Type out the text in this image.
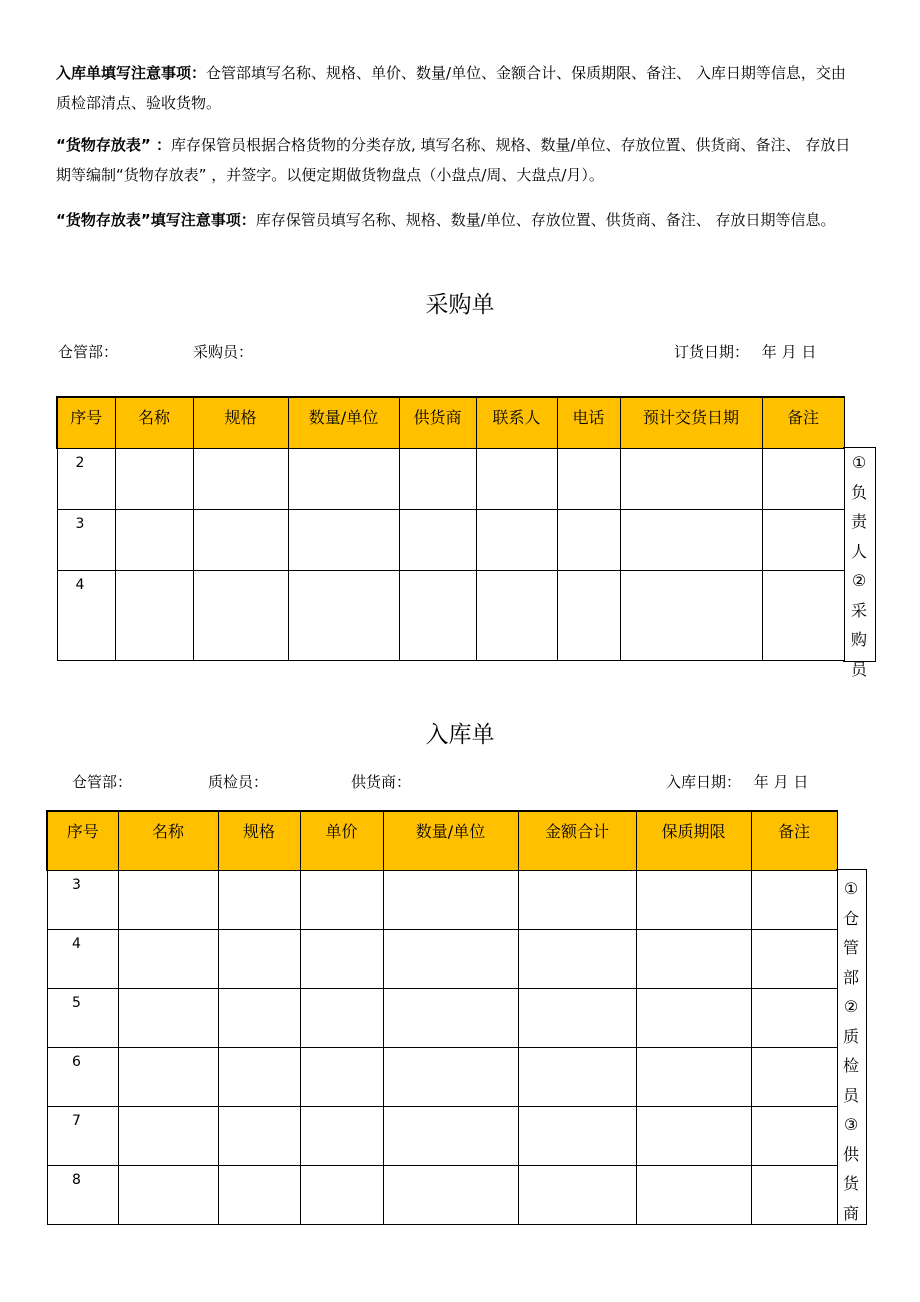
入库单填写注意事项：仓管部填写名称、规格、单价、数量/单位、金额合计、保质期限、备注、 入库日期等信息，交由质检部清点、验收货物。
“货物存放表” ：库存保管员根据合格货物的分类存放, 填写名称、规格、数量/单位、存放位置、供货商、备注、 存放日期等编制“货物存放表” ，并签字。以便定期做货物盘点（小盘点/周、大盘点/月）。
“货物存放表”填写注意事项：库存保管员填写名称、规格、数量/单位、存放位置、供货商、备注、 存放日期等信息。
采购单
仓管部：	采购员：	订货日期： 年 月 日
序号	名称	规格	数量/单位	供货商	联系人	电话	预计交货日期	备注
2								
3								
4								
①
负
责
人
②
采
购
员
入库单
仓管部：	质检员：	供货商：	入库日期： 年 月 日
序号	名称	规格	单价	数量/单位	金额合计	保质期限	备注
3							
4							
5							
6							
7							
8							
①
仓
管
部
②
质
检
员
③
供
货
商
